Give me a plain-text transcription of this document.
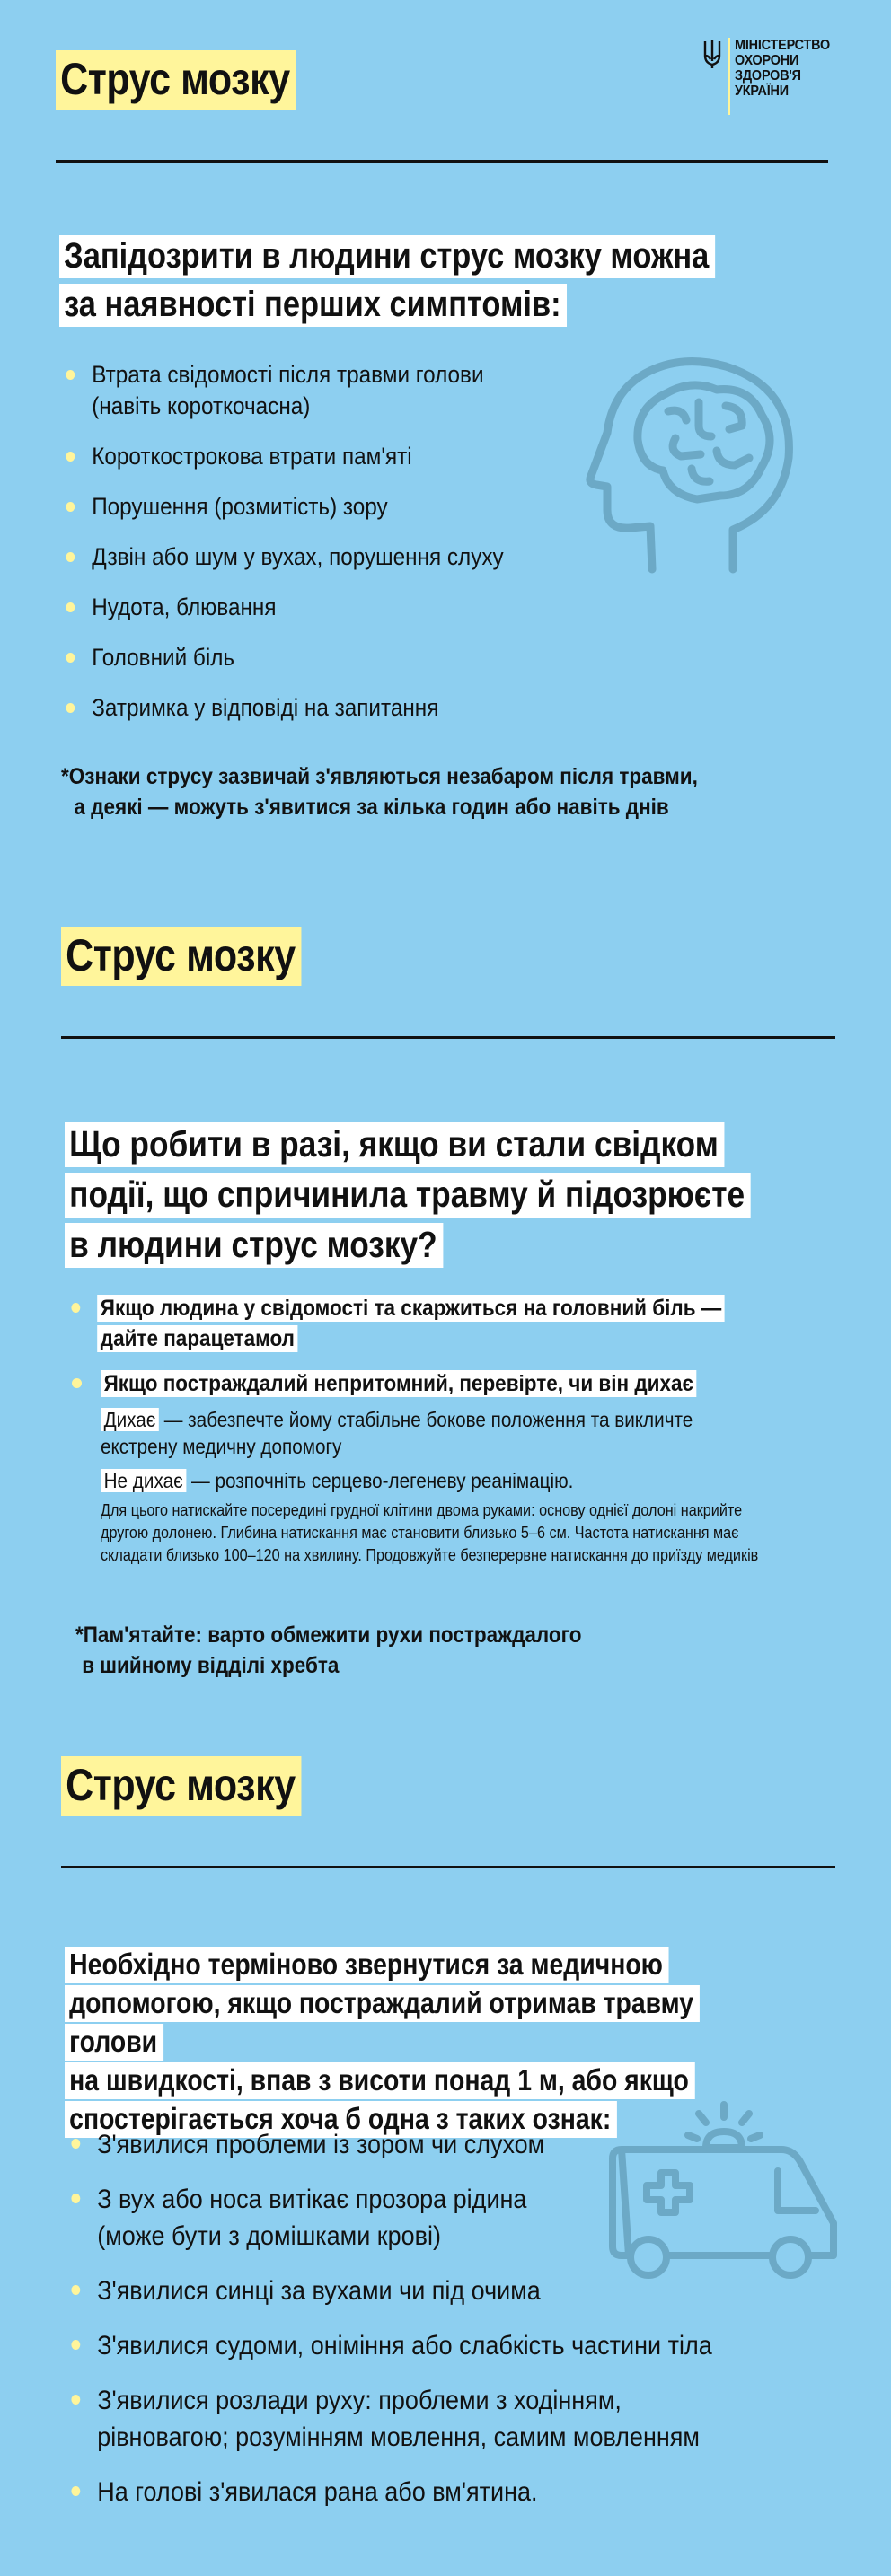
МІНІСТЕРСТВО
ОХОРОНИ
ЗДОРОВ'Я
УКРАЇНИ
Струс мозку
Запідозрити в людини струс мозку можна
за наявності перших симптомів:
Втрата свідомості після травми голови
(навіть короткочасна)
Короткострокова втрати пам'яті
Порушення (розмитість) зору
Дзвін або шум у вухах, порушення слуху
Нудота, блювання
Головний біль
Затримка у відповіді на запитання
*Ознаки струсу зазвичай з'являються незабаром після травми,
а деякі — можуть з'явитися за кілька годин або навіть днів
Струс мозку
Що робити в разі, якщо ви стали свідком
події, що спричинила травму й підозрюєте
в людини струс мозку?
Якщо людина у свідомості та скаржиться на головний біль —
дайте парацетамол
Якщо постраждалий непритомний, перевірте, чи він дихає
Дихає — забезпечте йому стабільне бокове положення та викличте
екстрену медичну допомогу
Не дихає — розпочніть серцево-легеневу реанімацію.
Для цього натискайте посередині грудної клітини двома руками: основу однієї долоні накрийте
другою долонею. Глибина натискання має становити близько 5–6 см. Частота натискання має
складати близько 100–120 на хвилину. Продовжуйте безперервне натискання до приїзду медиків
*Пам'ятайте: варто обмежити рухи постраждалого
в шийному відділі хребта
Струс мозку
Необхідно терміново звернутися за медичною
допомогою, якщо постраждалий отримав травму голови
на швидкості, впав з висоти понад 1 м, або якщо
спостерігається хоча б одна з таких ознак:
З'явилися проблеми із зором чи слухом
З вух або носа витікає прозора рідина
(може бути з домішками крові)
З'явилися синці за вухами чи під очима
З'явилися судоми, оніміння або слабкість частини тіла
З'явилися розлади руху: проблеми з ходінням,
рівновагою; розумінням мовлення, самим мовленням
На голові з'явилася рана або вм'ятина.
